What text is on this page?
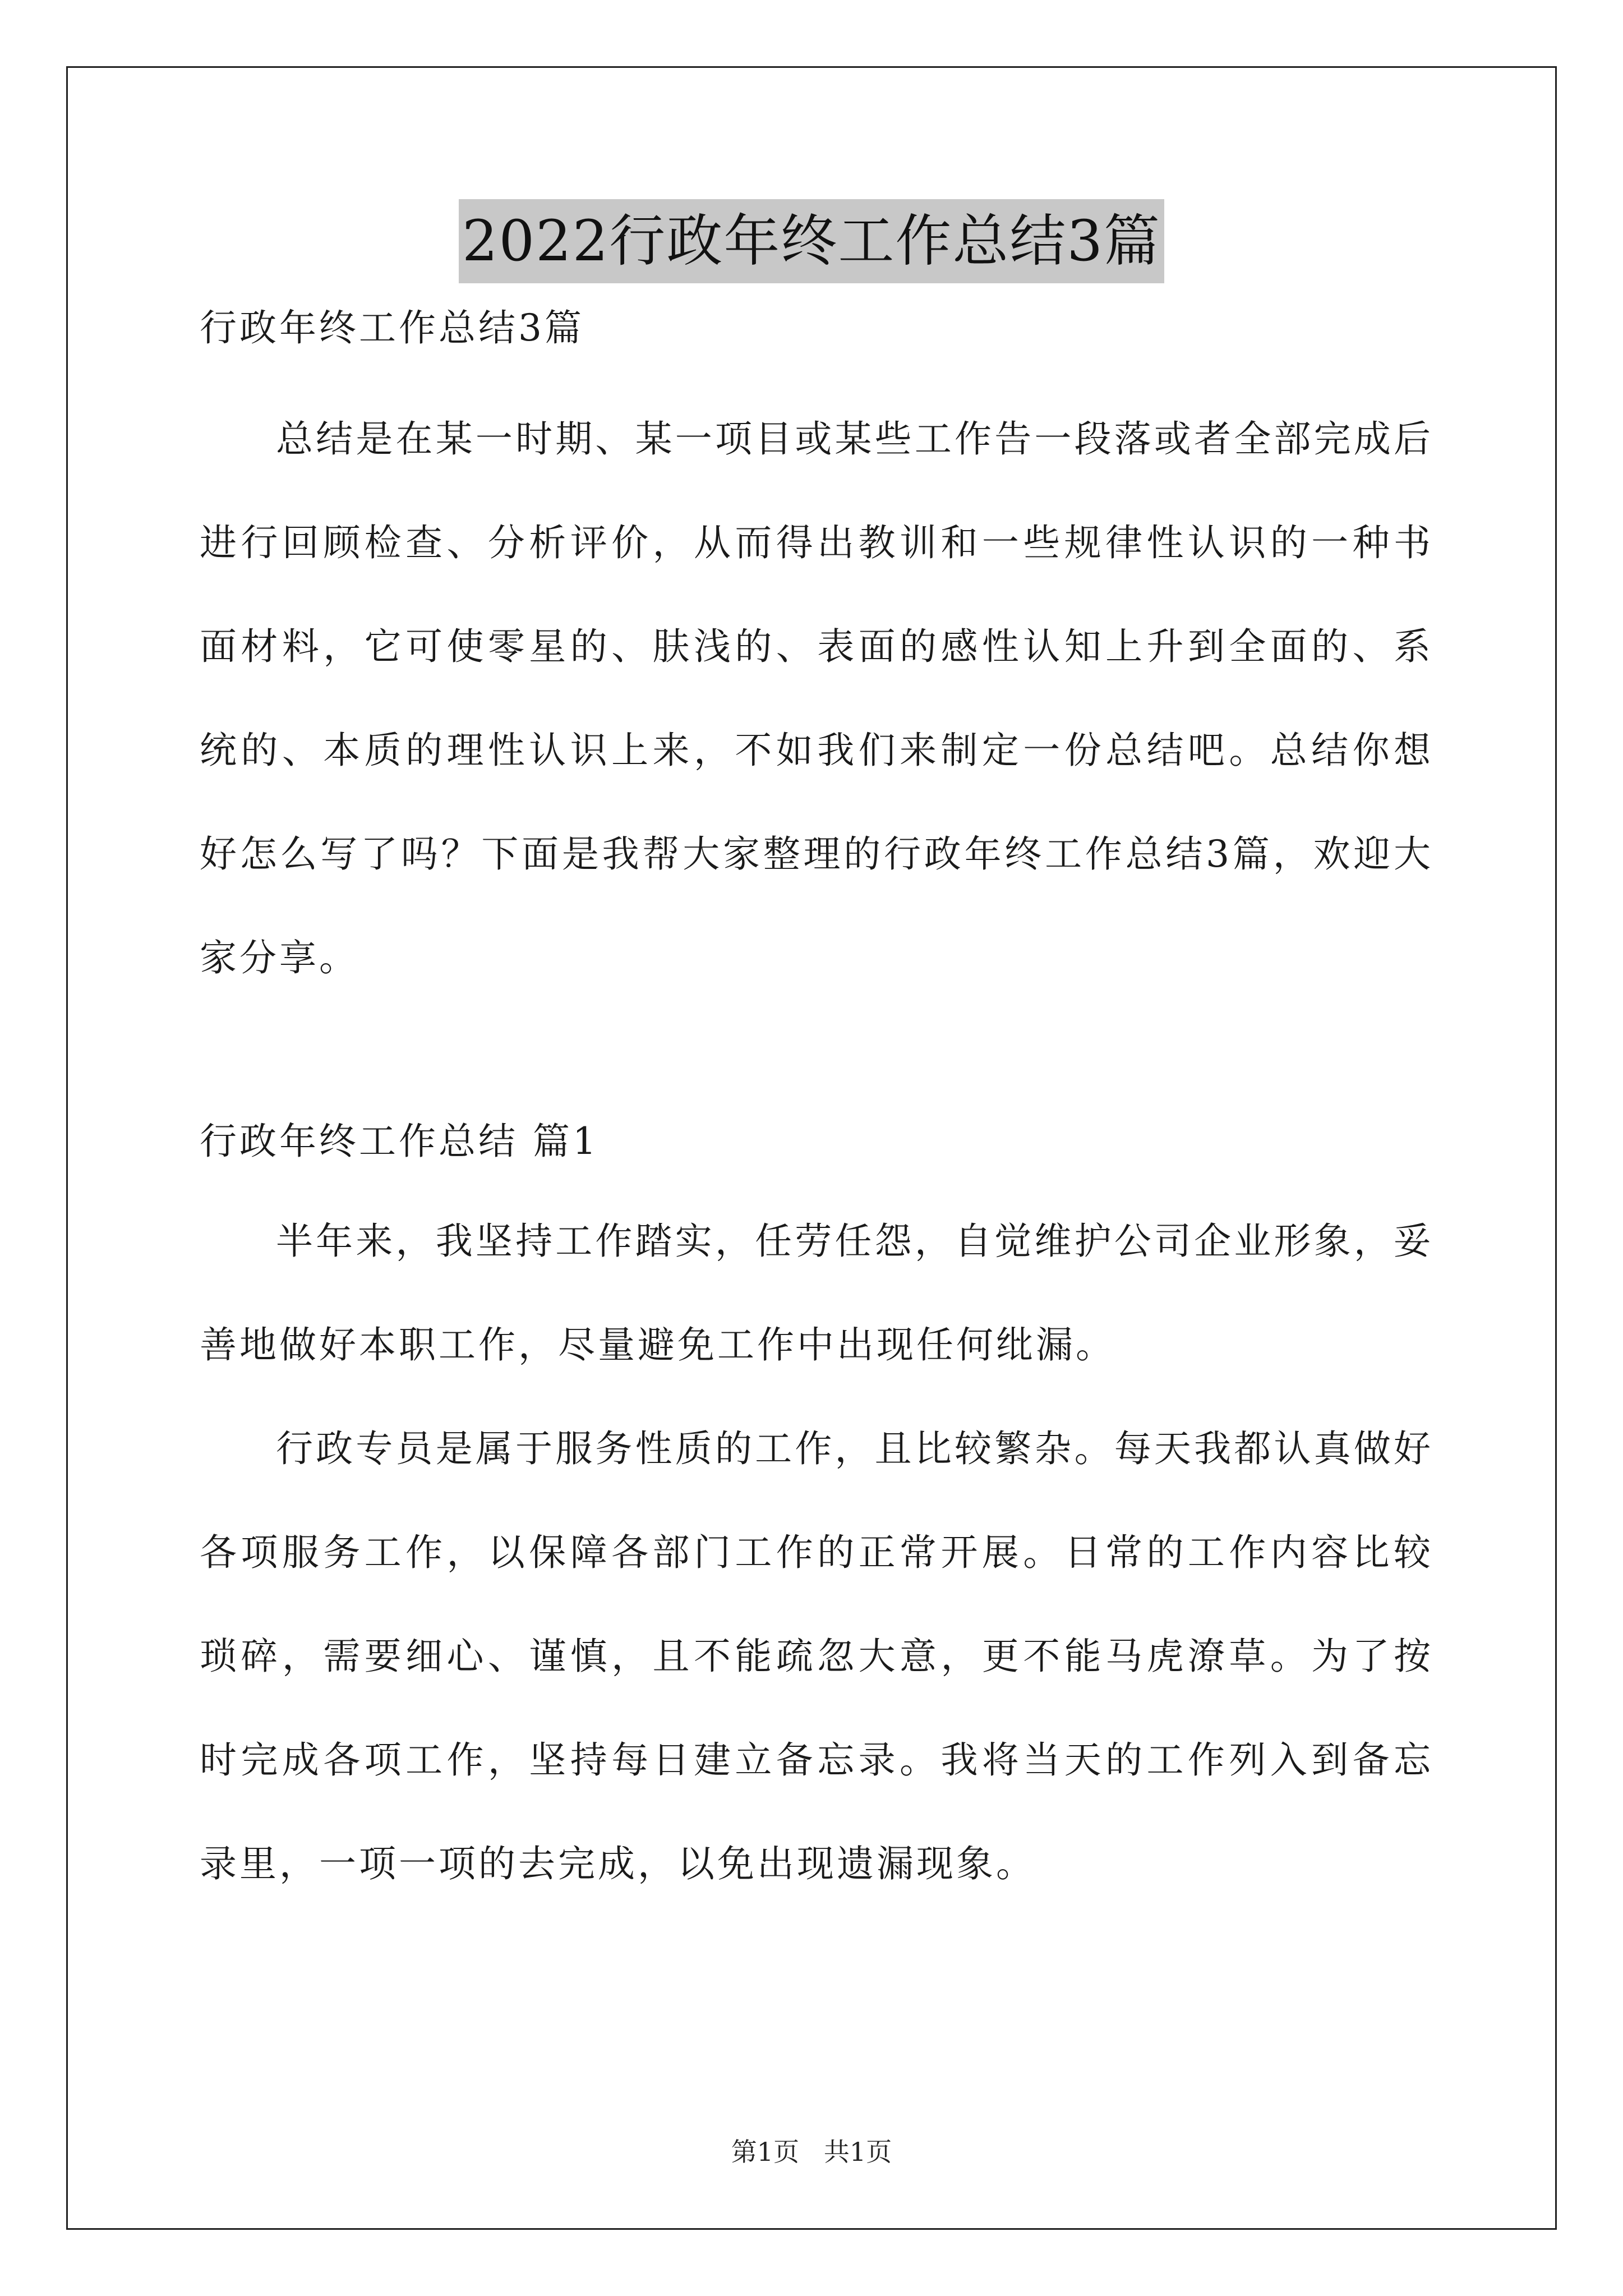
2022行政年终工作总结3篇

行政年终工作总结3篇

总结是在某一时期、某一项目或某些工作告一段落或者全部完成后进行回顾检查、分析评价，从而得出教训和一些规律性认识的一种书面材料，它可使零星的、肤浅的、表面的感性认知上升到全面的、系统的、本质的理性认识上来，不如我们来制定一份总结吧。总结你想好怎么写了吗？下面是我帮大家整理的行政年终工作总结3篇，欢迎大家分享。

行政年终工作总结 篇1

半年来，我坚持工作踏实，任劳任怨，自觉维护公司企业形象，妥善地做好本职工作，尽量避免工作中出现任何纰漏。

行政专员是属于服务性质的工作，且比较繁杂。每天我都认真做好各项服务工作，以保障各部门工作的正常开展。日常的工作内容比较琐碎，需要细心、谨慎，且不能疏忽大意，更不能马虎潦草。为了按时完成各项工作，坚持每日建立备忘录。我将当天的工作列入到备忘录里，一项一项的去完成，以免出现遗漏现象。

第1页   共1页
